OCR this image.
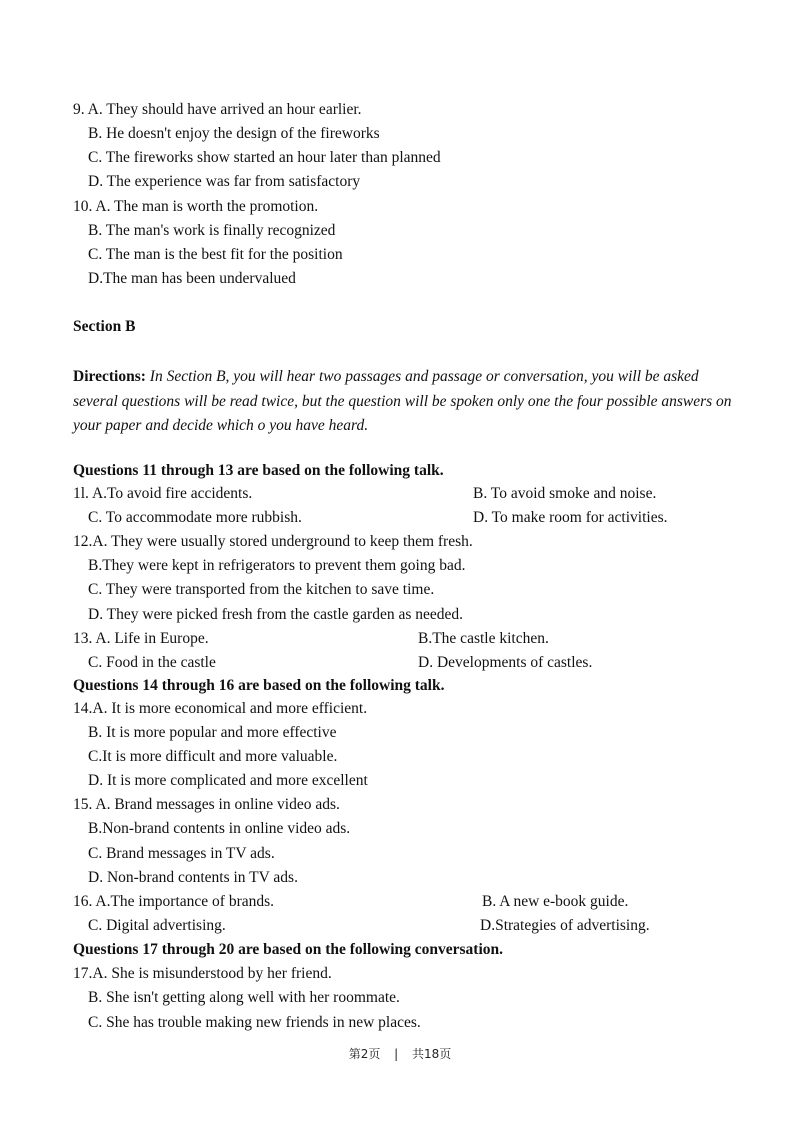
9. A. They should have arrived an hour earlier.
B. He doesn't enjoy the design of the fireworks
C. The fireworks show started an hour later than planned
D. The experience was far from satisfactory
10. A. The man is worth the promotion.
B. The man's work is finally recognized
C. The man is the best fit for the position
D.The man has been undervalued
Section B
Directions: In Section B, you will hear two passages and passage or conversation, you will be asked several questions will be read twice, but the question will be spoken only one the four possible answers on your paper and decide which o you have heard.
Questions 11 through 13 are based on the following talk.
1l. A.To avoid fire accidents.	B. To avoid smoke and noise.
C. To accommodate more rubbish.	D. To make room for activities.
12.A. They were usually stored underground to keep them fresh.
B.They were kept in refrigerators to prevent them going bad.
C. They were transported from the kitchen to save time.
D. They were picked fresh from the castle garden as needed.
13. A. Life in Europe.	B.The castle kitchen.
C. Food in the castle	D. Developments of castles.
Questions 14 through 16 are based on the following talk.
14.A. It is more economical and more efficient.
B. It is more popular and more effective
C.It is more difficult and more valuable.
D. It is more complicated and more excellent
15. A. Brand messages in online video ads.
B.Non-brand contents in online video ads.
C. Brand messages in TV ads.
D. Non-brand contents in TV ads.
16. A.The importance of brands.	B. A new e-book guide.
C. Digital advertising.	D.Strategies of advertising.
Questions 17 through 20 are based on the following conversation.
17.A. She is misunderstood by her friend.
B. She isn't getting along well with her roommate.
C. She has trouble making new friends in new places.
第2页 | 共18页
